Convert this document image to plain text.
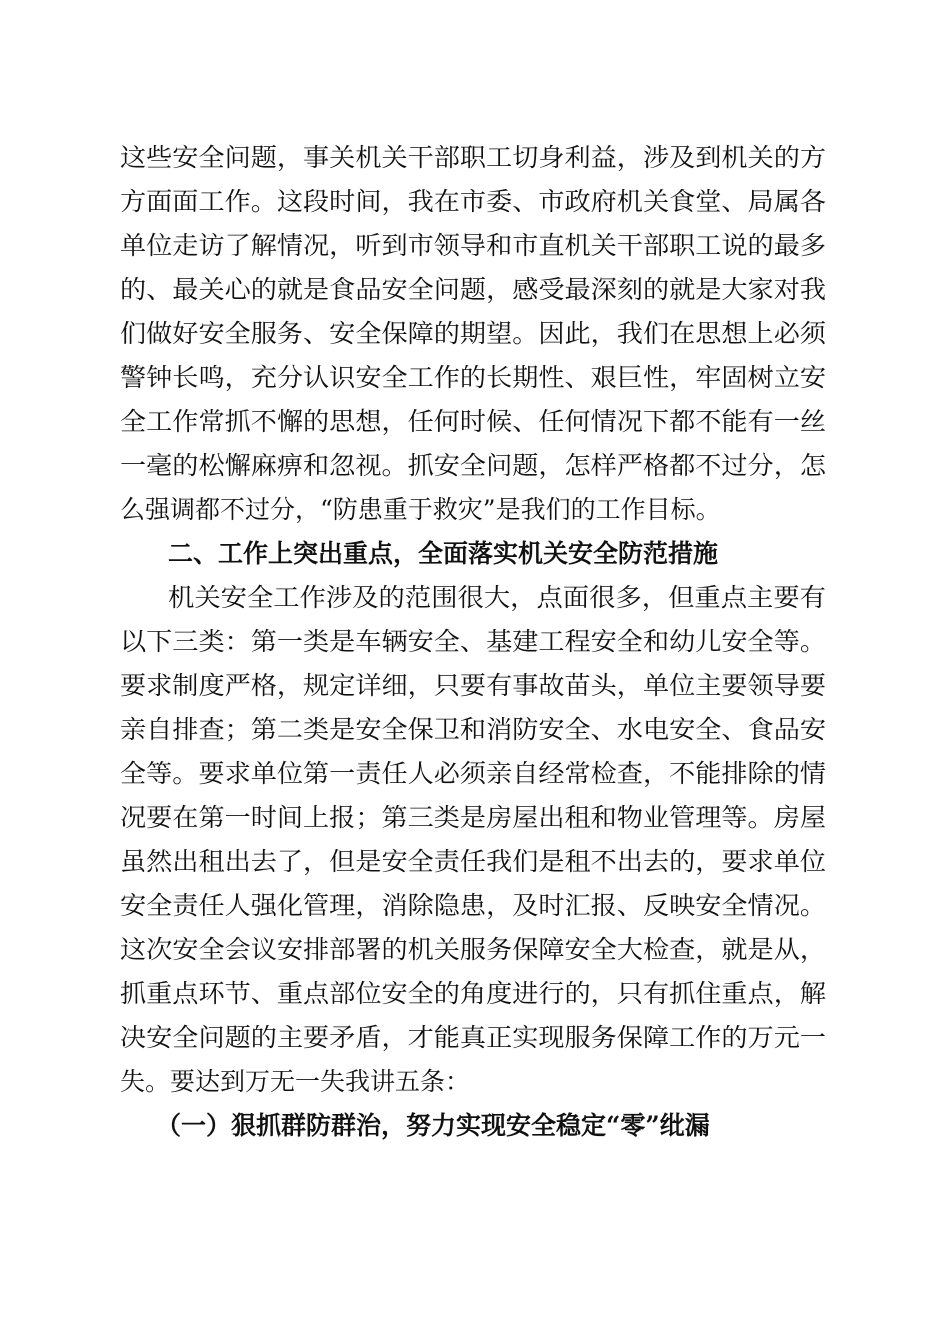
这些安全问题，事关机关干部职工切身利益，涉及到机关的方
方面面工作。这段时间，我在市委、市政府机关食堂、局属各
单位走访了解情况，听到市领导和市直机关干部职工说的最多
的、最关心的就是食品安全问题，感受最深刻的就是大家对我
们做好安全服务、安全保障的期望。因此，我们在思想上必须
警钟长鸣，充分认识安全工作的长期性、艰巨性，牢固树立安
全工作常抓不懈的思想，任何时候、任何情况下都不能有一丝
一毫的松懈麻痹和忽视。抓安全问题，怎样严格都不过分，怎
么强调都不过分，“防患重于救灾”是我们的工作目标。
二、工作上突出重点，全面落实机关安全防范措施
机关安全工作涉及的范围很大，点面很多，但重点主要有
以下三类：第一类是车辆安全、基建工程安全和幼儿安全等。
要求制度严格，规定详细，只要有事故苗头，单位主要领导要
亲自排查；第二类是安全保卫和消防安全、水电安全、食品安
全等。要求单位第一责任人必须亲自经常检查，不能排除的情
况要在第一时间上报；第三类是房屋出租和物业管理等。房屋
虽然出租出去了，但是安全责任我们是租不出去的，要求单位
安全责任人强化管理，消除隐患，及时汇报、反映安全情况。
这次安全会议安排部署的机关服务保障安全大检查，就是从，
抓重点环节、重点部位安全的角度进行的，只有抓住重点，解
决安全问题的主要矛盾，才能真正实现服务保障工作的万元一
失。要达到万无一失我讲五条：
（一）狠抓群防群治，努力实现安全稳定“零”纰漏
